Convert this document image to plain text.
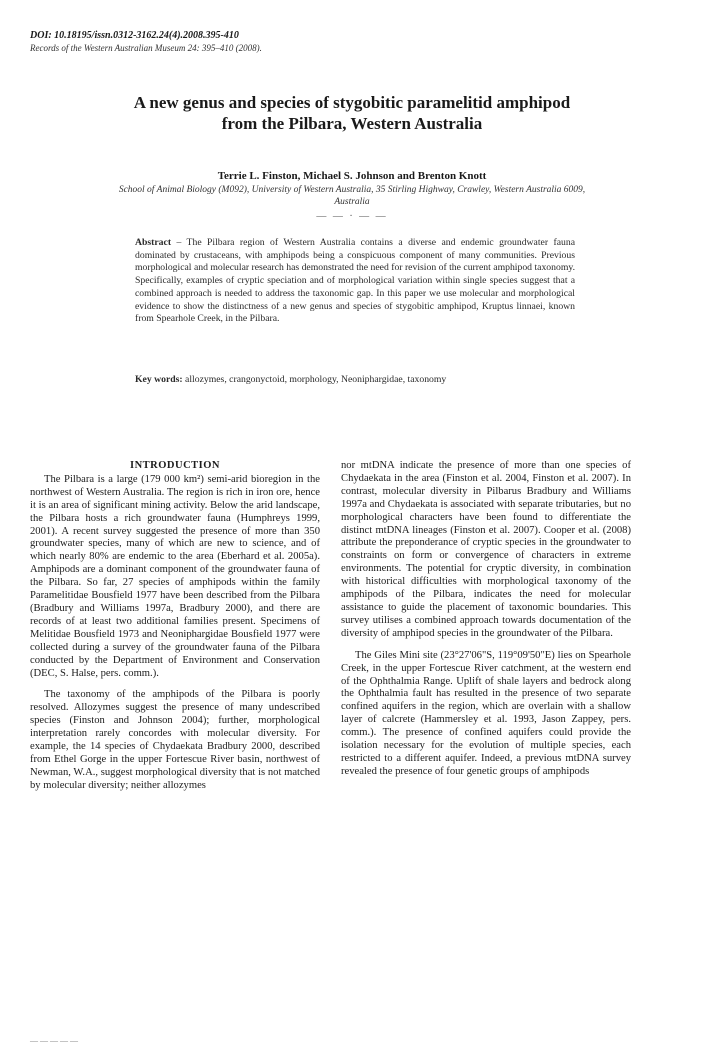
DOI: 10.18195/issn.0312-3162.24(4).2008.395-410
Records of the Western Australian Museum 24: 395–410 (2008).
A new genus and species of stygobitic paramelitid amphipod
from the Pilbara, Western Australia
Terrie L. Finston, Michael S. Johnson and Brenton Knott
School of Animal Biology (M092), University of Western Australia, 35 Stirling Highway, Crawley, Western Australia 6009, Australia
— — · — —
Abstract – The Pilbara region of Western Australia contains a diverse and endemic groundwater fauna dominated by crustaceans, with amphipods being a conspicuous component of many communities. Previous morphological and molecular research has demonstrated the need for revision of the current amphipod taxonomy. Specifically, examples of cryptic speciation and of morphological variation within single species suggest that a combined approach is needed to address the taxonomic gap. In this paper we use molecular and morphological evidence to show the distinctness of a new genus and species of stygobitic amphipod, Kruptus linnaei, known from Spearhole Creek, in the Pilbara.
Key words: allozymes, crangonyctoid, morphology, Neoniphargidae, taxonomy
INTRODUCTION

The Pilbara is a large (179 000 km²) semi-arid bioregion in the northwest of Western Australia. The region is rich in iron ore, hence it is an area of significant mining activity. Below the arid landscape, the Pilbara hosts a rich groundwater fauna (Humphreys 1999, 2001). A recent survey suggested the presence of more than 350 groundwater species, many of which are new to science, and of which nearly 80% are endemic to the area (Eberhard et al. 2005a). Amphipods are a dominant component of the groundwater fauna of the Pilbara. So far, 27 species of amphipods within the family Paramelitidae Bousfield 1977 have been described from the Pilbara (Bradbury and Williams 1997a, Bradbury 2000), and there are records of at least two additional families present. Specimens of Melitidae Bousfield 1973 and Neoniphargidae Bousfield 1977 were collected during a survey of the groundwater fauna of the Pilbara conducted by the Department of Environment and Conservation (DEC, S. Halse, pers. comm.).

The taxonomy of the amphipods of the Pilbara is poorly resolved. Allozymes suggest the presence of many undescribed species (Finston and Johnson 2004); further, morphological interpretation rarely concordes with molecular diversity. For example, the 14 species of Chydaekata Bradbury 2000, described from Ethel Gorge in the upper Fortescue River basin, northwest of Newman, W.A., suggest morphological diversity that is not matched by molecular diversity; neither allozymes

nor mtDNA indicate the presence of more than one species of Chydaekata in the area (Finston et al. 2004, Finston et al. 2007). In contrast, molecular diversity in Pilbarus Bradbury and Williams 1997a and Chydaekata is associated with separate tributaries, but no morphological characters have been found to differentiate the distinct mtDNA lineages (Finston et al. 2007). Cooper et al. (2008) attribute the preponderance of cryptic species in the groundwater to constraints on form or convergence of characters in extreme environments. The potential for cryptic diversity, in combination with historical difficulties with morphological taxonomy of the amphipods of the Pilbara, indicates the need for molecular assistance to guide the placement of taxonomic boundaries. This survey utilises a combined approach towards documentation of the diversity of amphipod species in the groundwater of the Pilbara.

The Giles Mini site (23°27'06"S, 119°09'50"E) lies on Spearhole Creek, in the upper Fortescue River catchment, at the western end of the Ophthalmia Range. Uplift of shale layers and bedrock along the Ophthalmia fault has resulted in the presence of two separate confined aquifers in the region, which are overlain with a shallow layer of calcrete (Hammersley et al. 1993, Jason Zappey, pers. comm.). The presence of confined aquifers could provide the isolation necessary for the evolution of multiple species, each restricted to a different aquifer. Indeed, a previous mtDNA survey revealed the presence of four genetic groups of amphipods

― ― ― ― ―
